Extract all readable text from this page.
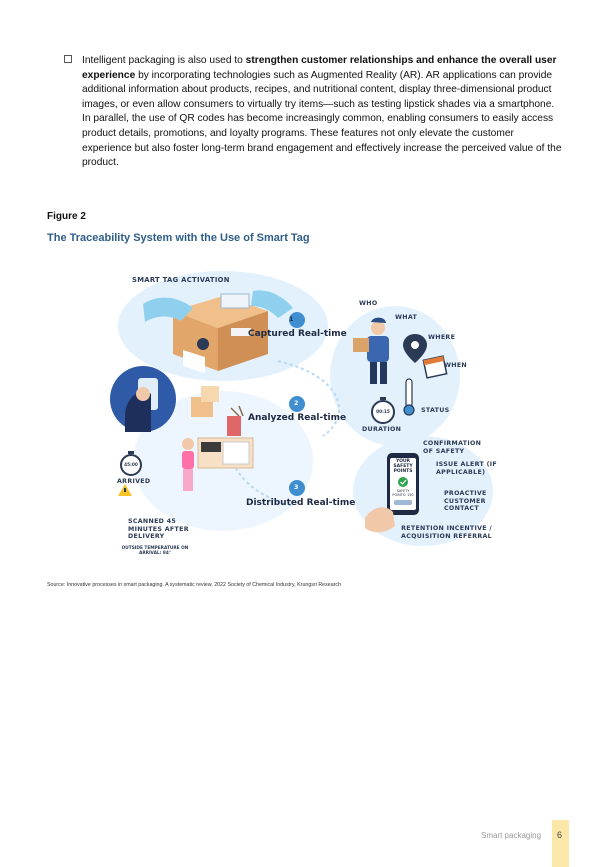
Intelligent packaging is also used to strengthen customer relationships and enhance the overall user experience by incorporating technologies such as Augmented Reality (AR). AR applications can provide additional information about products, recipes, and nutritional content, display three-dimensional product images, or even allow consumers to virtually try items—such as testing lipstick shades via a smartphone. In parallel, the use of QR codes has become increasingly common, enabling consumers to easily access product details, promotions, and loyalty programs. These features not only elevate the customer experience but also foster long-term brand engagement and effectively increase the perceived value of the product.
Figure 2
The Traceability System with the Use of Smart Tag
SMART TAG ACTIVATION
1
Captured Real-time
2
Analyzed Real-time
3
Distributed Real-time
WHO
WHAT
WHERE
WHEN
STATUS
DURATION
00:15
45:00
ARRIVED
SCANNED 45 MINUTES AFTER DELIVERY
OUTSIDE TEMPERATURE ON ARRIVAL: 84°
CONFIRMATION OF SAFETY
ISSUE ALERT (IF APPLICABLE)
PROACTIVE CUSTOMER CONTACT
RETENTION INCENTIVE / ACQUISITION REFERRAL
YOUR SAFETY POINTS
SAFETY POINTS: 150
Source: Innovative processes in smart packaging. A systematic review, 2022 Society of Chemical Industry, Krungsri Research
Smart packaging 6
